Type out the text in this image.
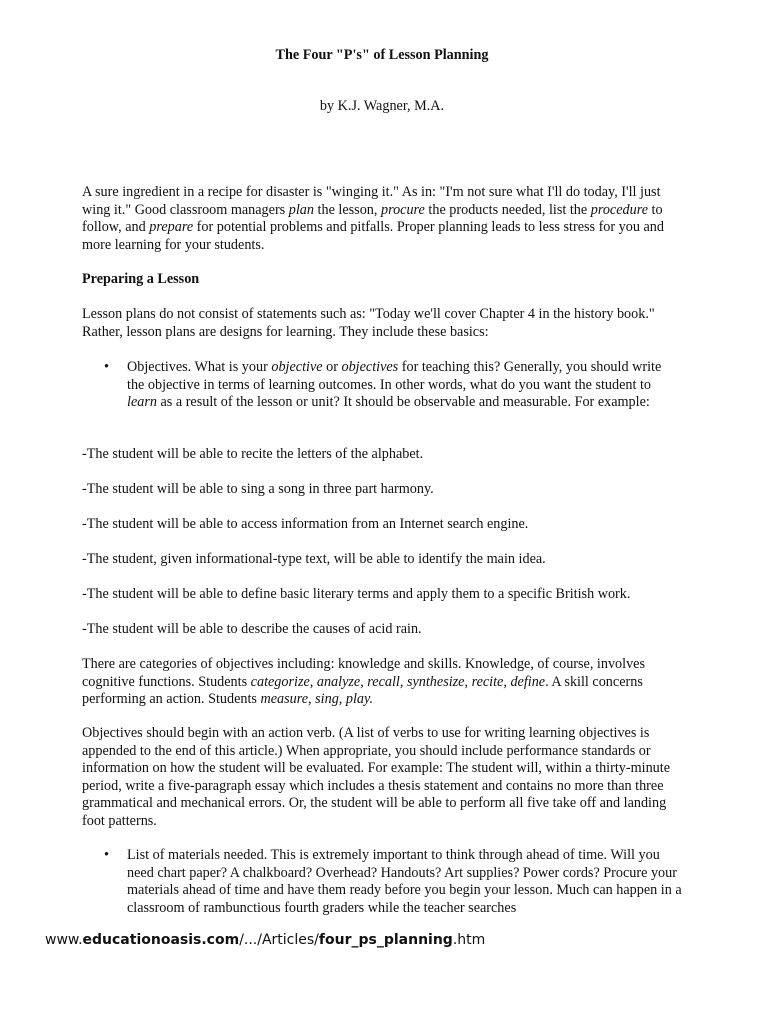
The Four "P's" of Lesson Planning
by K.J. Wagner, M.A.

A sure ingredient in a recipe for disaster is "winging it." As in: "I'm not sure what I'll do today, I'll just wing it." Good classroom managers plan the lesson, procure the products needed, list the procedure to follow, and prepare for potential problems and pitfalls. Proper planning leads to less stress for you and more learning for your students.

Preparing a Lesson

Lesson plans do not consist of statements such as: "Today we'll cover Chapter 4 in the history book." Rather, lesson plans are designs for learning. They include these basics:

• Objectives. What is your objective or objectives for teaching this? Generally, you should write the objective in terms of learning outcomes. In other words, what do you want the student to learn as a result of the lesson or unit? It should be observable and measurable. For example:
-The student will be able to recite the letters of the alphabet.
-The student will be able to sing a song in three part harmony.
-The student will be able to access information from an Internet search engine.
-The student, given informational-type text, will be able to identify the main idea.
-The student will be able to define basic literary terms and apply them to a specific British work.
-The student will be able to describe the causes of acid rain.

There are categories of objectives including: knowledge and skills. Knowledge, of course, involves cognitive functions. Students categorize, analyze, recall, synthesize, recite, define. A skill concerns performing an action. Students measure, sing, play.

Objectives should begin with an action verb. (A list of verbs to use for writing learning objectives is appended to the end of this article.) When appropriate, you should include performance standards or information on how the student will be evaluated. For example: The student will, within a thirty-minute period, write a five-paragraph essay which includes a thesis statement and contains no more than three grammatical and mechanical errors. Or, the student will be able to perform all five take off and landing foot patterns.

• List of materials needed. This is extremely important to think through ahead of time. Will you need chart paper? A chalkboard? Overhead? Handouts? Art supplies? Power cords? Procure your materials ahead of time and have them ready before you begin your lesson. Much can happen in a classroom of rambunctious fourth graders while the teacher searches
www.educationoasis.com/.../Articles/four_ps_planning.htm
